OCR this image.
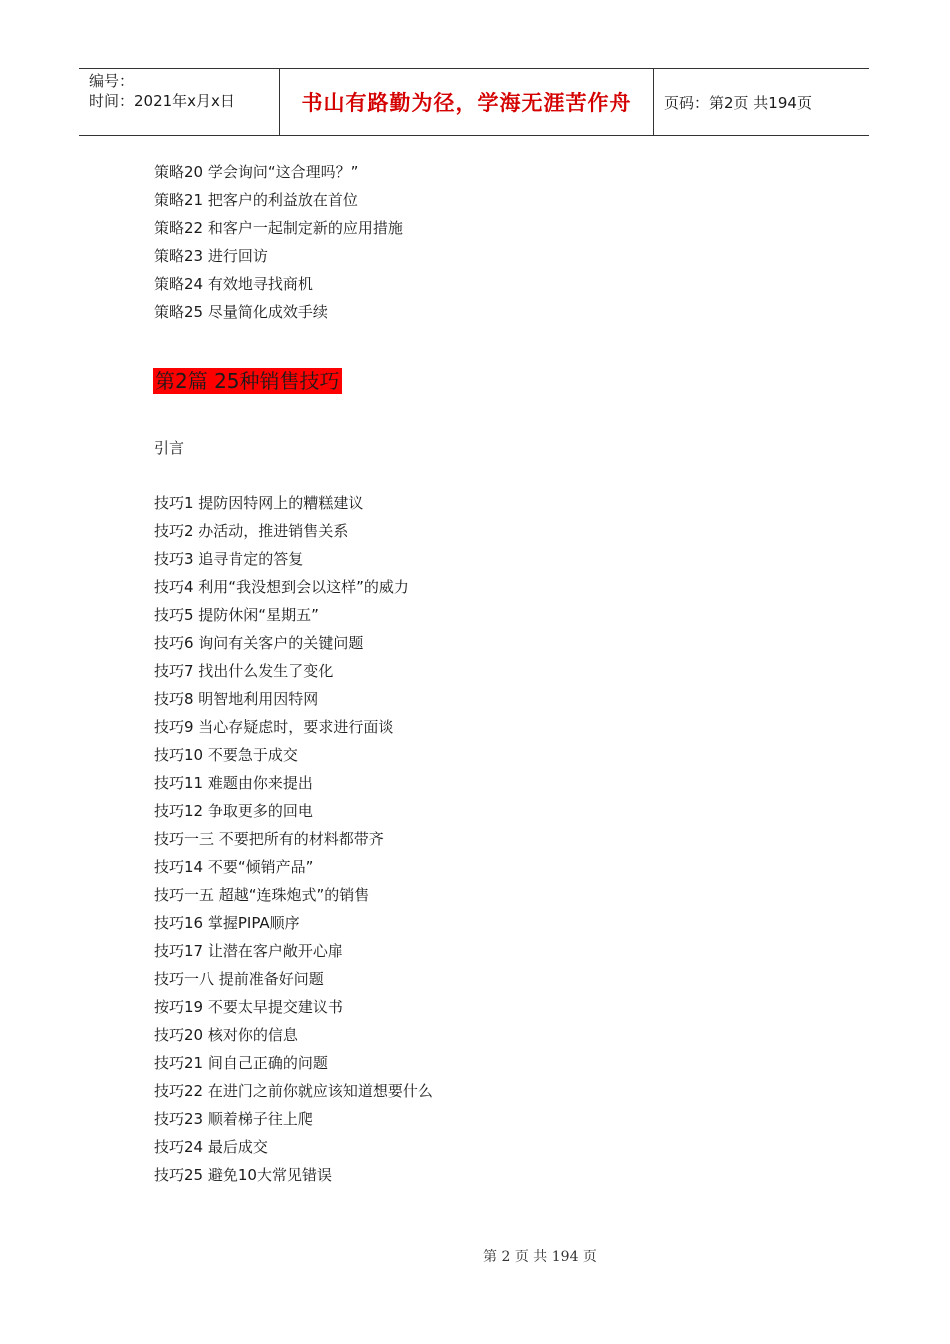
编号：
时间：2021年x月x日	书山有路勤为径，学海无涯苦作舟	页码：第2页 共194页
策略20 学会询问“这合理吗？”
策略21 把客户的利益放在首位
策略22 和客户一起制定新的应用措施
策略23 进行回访
策略24 有效地寻找商机
策略25 尽量简化成效手续
第2篇 25种销售技巧
引言
技巧1 提防因特网上的糟糕建议
技巧2 办活动，推进销售关系
技巧3 追寻肯定的答复
技巧4 利用“我没想到会以这样”的威力
技巧5 提防休闲“星期五”
技巧6 询问有关客户的关键问题
技巧7 找出什么发生了变化
技巧8 明智地利用因特网
技巧9 当心存疑虑时，要求进行面谈
技巧10 不要急于成交
技巧11 难题由你来提出
技巧12 争取更多的回电
技巧一三 不要把所有的材料都带齐
技巧14 不要“倾销产品”
技巧一五 超越“连珠炮式”的销售
技巧16 掌握PIPA顺序
技巧17 让潜在客户敞开心扉
技巧一八 提前准备好问题
按巧19 不要太早提交建议书
技巧20 核对你的信息
技巧21 间自己正确的问题
技巧22 在进门之前你就应该知道想要什么
技巧23 顺着梯子往上爬
技巧24 最后成交
技巧25 避免10大常见错误
第 2 页 共 194 页
